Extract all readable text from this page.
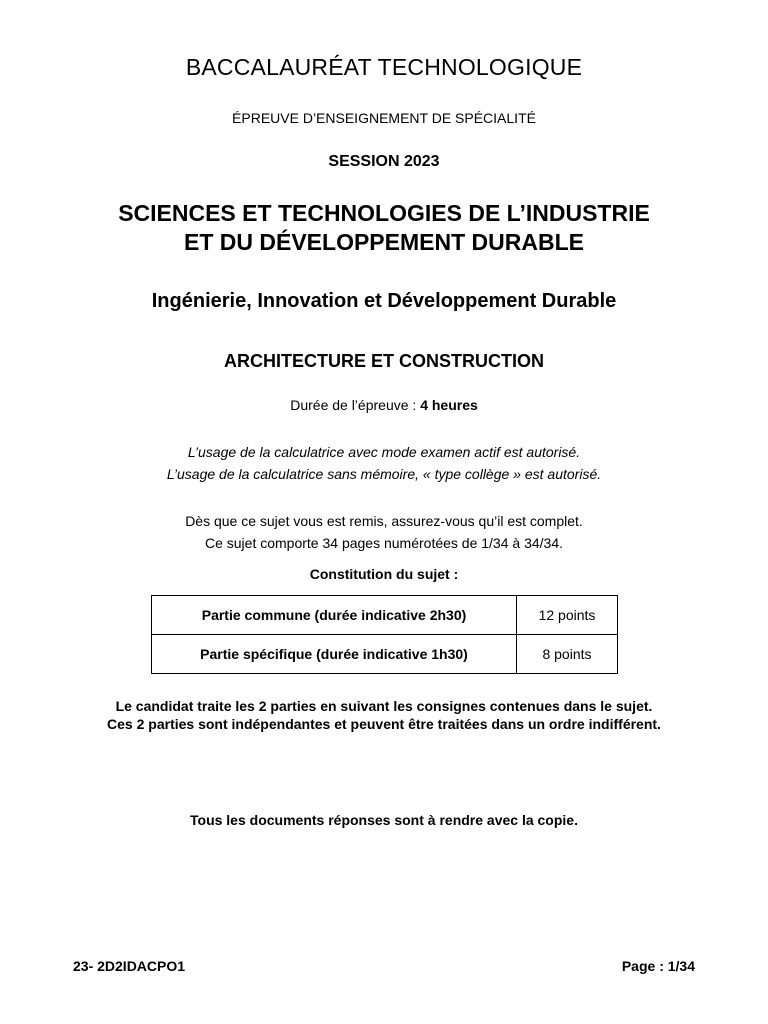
BACCALAURÉAT TECHNOLOGIQUE
ÉPREUVE D’ENSEIGNEMENT DE SPÉCIALITÉ
SESSION 2023
SCIENCES ET TECHNOLOGIES DE L’INDUSTRIE
ET DU DÉVELOPPEMENT DURABLE
Ingénierie, Innovation et Développement Durable
ARCHITECTURE ET CONSTRUCTION
Durée de l’épreuve : 4 heures
L’usage de la calculatrice avec mode examen actif est autorisé.
L’usage de la calculatrice sans mémoire, « type collège » est autorisé.
Dès que ce sujet vous est remis, assurez-vous qu’il est complet.
Ce sujet comporte 34 pages numérotées de 1/34 à 34/34.
Constitution du sujet :
Partie commune (durée indicative 2h30)	12 points
Partie spécifique (durée indicative 1h30)	8 points
Le candidat traite les 2 parties en suivant les consignes contenues dans le sujet.
Ces 2 parties sont indépendantes et peuvent être traitées dans un ordre indifférent.
Tous les documents réponses sont à rendre avec la copie.
23- 2D2IDACPO1	Page : 1/34
